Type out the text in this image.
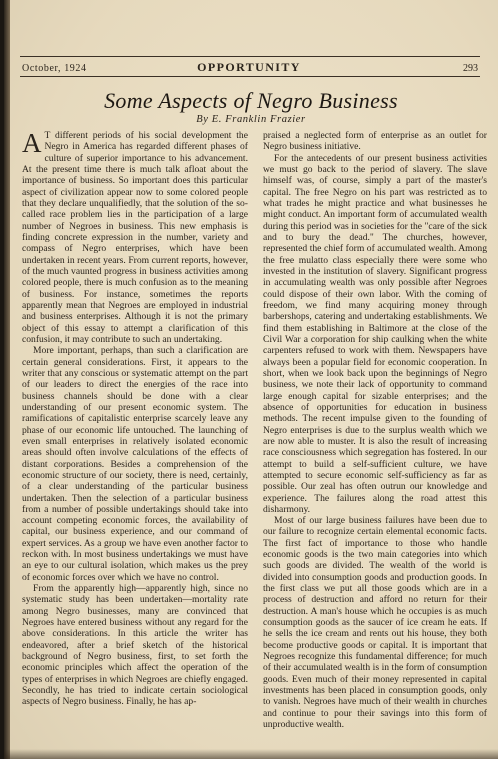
October, 1924	OPPORTUNITY	293
Some Aspects of Negro Business
By E. Franklin Frazier

A T different periods of his social development the Negro in America has regarded different phases of culture of superior importance to his advancement. At the present time there is much talk afloat about the importance of business. So important does this particular aspect of civilization appear now to some colored people that they declare unqualifiedly, that the solution of the so-called race problem lies in the participation of a large number of Negroes in business. This new emphasis is finding concrete expression in the number, variety and compass of Negro enterprises, which have been undertaken in recent years. From current reports, however, of the much vaunted progress in business activities among colored people, there is much confusion as to the meaning of business. For instance, sometimes the reports apparently mean that Negroes are employed in industrial and business enterprises. Although it is not the primary object of this essay to attempt a clarification of this confusion, it may contribute to such an undertaking.

More important, perhaps, than such a clarification are certain general considerations. First, it appears to the writer that any conscious or systematic attempt on the part of our leaders to direct the energies of the race into business channels should be done with a clear understanding of our present economic system. The ramifications of capitalistic enterprise scarcely leave any phase of our economic life untouched. The launching of even small enterprises in relatively isolated economic areas should often involve calculations of the effects of distant corporations. Besides a comprehension of the economic structure of our society, there is need, certainly, of a clear understanding of the particular business undertaken. Then the selection of a particular business from a number of possible undertakings should take into account competing economic forces, the availability of capital, our business experience, and our command of expert services. As a group we have even another factor to reckon with. In most business undertakings we must have an eye to our cultural isolation, which makes us the prey of economic forces over which we have no control.

From the apparently high—apparently high, since no systematic study has been undertaken—mortality rate among Negro businesses, many are convinced that Negroes have entered business without any regard for the above considerations. In this article the writer has endeavored, after a brief sketch of the historical background of Negro business, first, to set forth the economic principles which affect the operation of the types of enterprises in which Negroes are chiefly engaged. Secondly, he has tried to indicate certain sociological aspects of Negro business. Finally, he has ap-

praised a neglected form of enterprise as an outlet for Negro business initiative.

For the antecedents of our present business activities we must go back to the period of slavery. The slave himself was, of course, simply a part of the master's capital. The free Negro on his part was restricted as to what trades he might practice and what businesses he might conduct. An important form of accumulated wealth during this period was in societies for the "care of the sick and to bury the dead." The churches, however, represented the chief form of accumulated wealth. Among the free mulatto class especially there were some who invested in the institution of slavery. Significant progress in accumulating wealth was only possible after Negroes could dispose of their own labor. With the coming of freedom, we find many acquiring money through barbershops, catering and undertaking establishments. We find them establishing in Baltimore at the close of the Civil War a corporation for ship caulking when the white carpenters refused to work with them. Newspapers have always been a popular field for economic cooperation. In short, when we look back upon the beginnings of Negro business, we note their lack of opportunity to command large enough capital for sizable enterprises; and the absence of opportunities for education in business methods. The recent impulse given to the founding of Negro enterprises is due to the surplus wealth which we are now able to muster. It is also the result of increasing race consciousness which segregation has fostered. In our attempt to build a self-sufficient culture, we have attempted to secure economic self-sufficiency as far as possible. Our zeal has often outrun our knowledge and experience. The failures along the road attest this disharmony.

Most of our large business failures have been due to our failure to recognize certain elemental economic facts. The first fact of importance to those who handle economic goods is the two main categories into which such goods are divided. The wealth of the world is divided into consumption goods and production goods. In the first class we put all those goods which are in a process of destruction and afford no return for their destruction. A man's house which he occupies is as much consumption goods as the saucer of ice cream he eats. If he sells the ice cream and rents out his house, they both become productive goods or capital. It is important that Negroes recognize this fundamental difference; for much of their accumulated wealth is in the form of consumption goods. Even much of their money represented in capital investments has been placed in consumption goods, only to vanish. Negroes have much of their wealth in churches and continue to pour their savings into this form of unproductive wealth.
